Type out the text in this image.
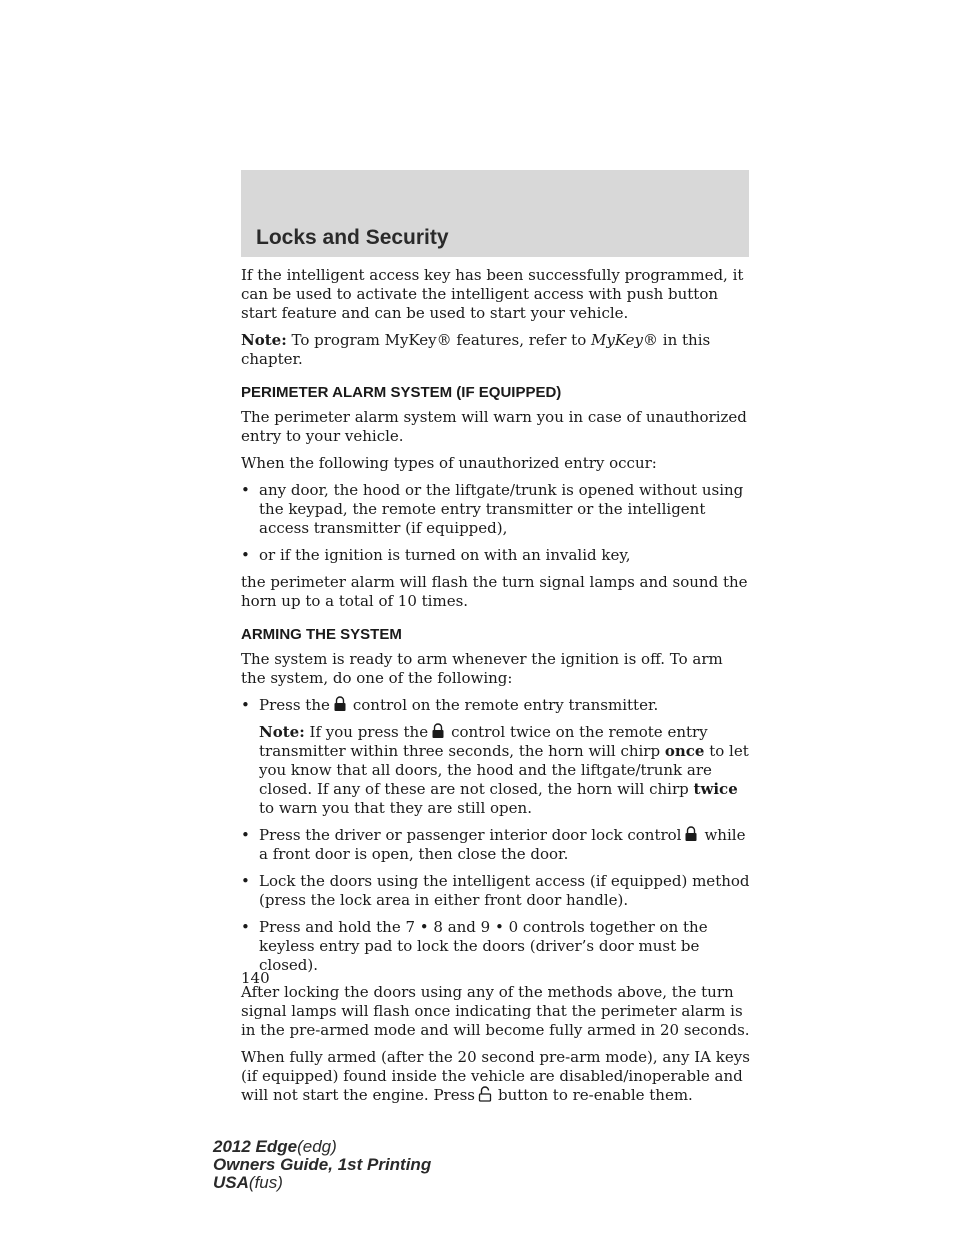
Locks and Security

If the intelligent access key has been successfully programmed, it can be used to activate the intelligent access with push button start feature and can be used to start your vehicle.

Note: To program MyKey® features, refer to MyKey® in this chapter.

PERIMETER ALARM SYSTEM (IF EQUIPPED)

The perimeter alarm system will warn you in case of unauthorized entry to your vehicle.

When the following types of unauthorized entry occur:

• any door, the hood or the liftgate/trunk is opened without using the keypad, the remote entry transmitter or the intelligent access transmitter (if equipped),
• or if the ignition is turned on with an invalid key,

the perimeter alarm will flash the turn signal lamps and sound the horn up to a total of 10 times.

ARMING THE SYSTEM

The system is ready to arm whenever the ignition is off. To arm the system, do one of the following:

• Press the control on the remote entry transmitter.

Note: If you press the control twice on the remote entry transmitter within three seconds, the horn will chirp once to let you know that all doors, the hood and the liftgate/trunk are closed. If any of these are not closed, the horn will chirp twice to warn you that they are still open.

• Press the driver or passenger interior door lock control while a front door is open, then close the door.
• Lock the doors using the intelligent access (if equipped) method (press the lock area in either front door handle).
• Press and hold the 7 • 8 and 9 • 0 controls together on the keyless entry pad to lock the doors (driver’s door must be closed).

After locking the doors using any of the methods above, the turn signal lamps will flash once indicating that the perimeter alarm is in the pre-armed mode and will become fully armed in 20 seconds.

When fully armed (after the 20 second pre-arm mode), any IA keys (if equipped) found inside the vehicle are disabled/inoperable and will not start the engine. Press button to re-enable them.

140
2012 Edge(edg)
Owners Guide, 1st Printing
USA(fus)
